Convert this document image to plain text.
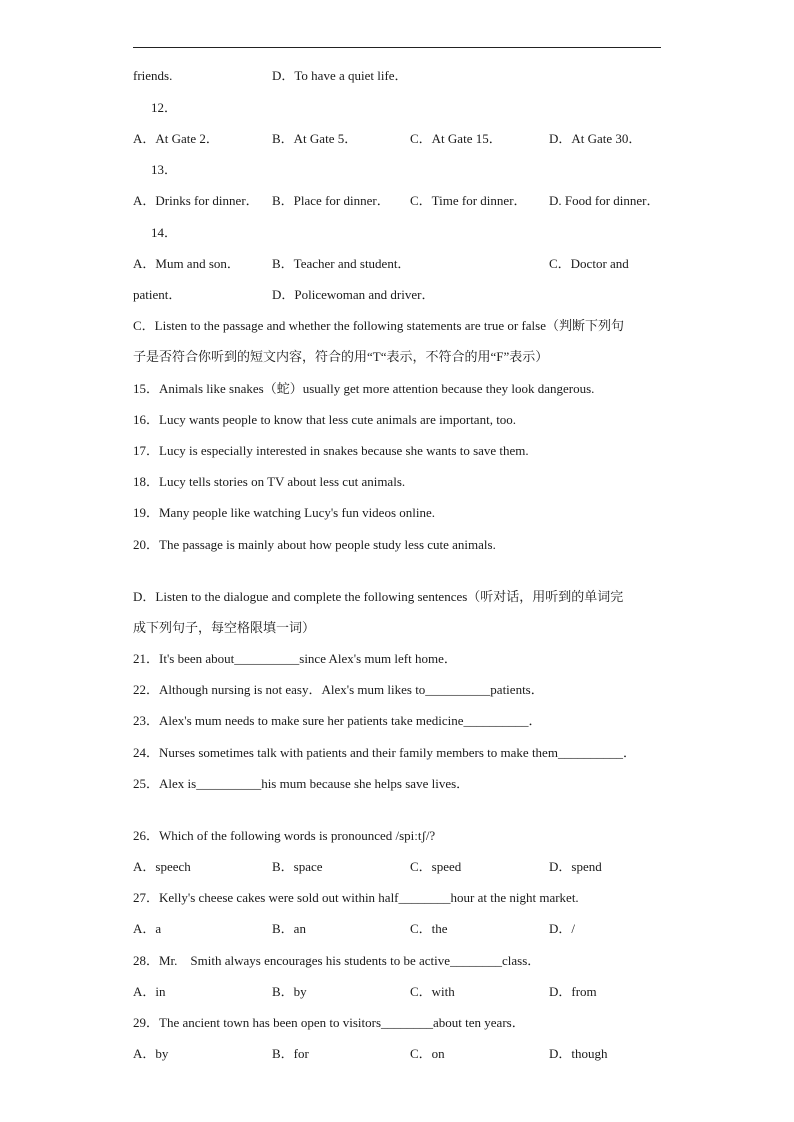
friends.	D．To have a quiet life．
12．
A．At Gate 2．	B．At Gate 5．	C．At Gate 15．	D．At Gate 30．
13．
A．Drinks for dinner． B．Place for dinner． C．Time for dinner． D. Food for dinner．
14．
A．Mum and son． B．Teacher and student．	C．Doctor and
patient．	D．Policewoman and driver．
C．Listen to the passage and whether the following statements are true or false（判断下列句
子是否符合你听到的短文内容，符合的用“T“表示，不符合的用“F”表示）
15．Animals like snakes（蛇）usually get more attention because they look dangerous.
16．Lucy wants people to know that less cute animals are important, too.
17．Lucy is especially interested in snakes because she wants to save them.
18．Lucy tells stories on TV about less cut animals.
19．Many people like watching Lucy's fun videos online.
20．The passage is mainly about how people study less cute animals.
D．Listen to the dialogue and complete the following sentences（听对话，用听到的单词完
成下列句子，每空格限填一词）
21．It's been about__________since Alex's mum left home．
22．Although nursing is not easy．Alex's mum likes to__________patients．
23．Alex's mum needs to make sure her patients take medicine__________．
24．Nurses sometimes talk with patients and their family members to make them__________．
25．Alex is__________his mum because she helps save lives．
26．Which of the following words is pronounced /spiːtʃ/?
A．speech	B．space	C．speed	D．spend
27．Kelly's cheese cakes were sold out within half________hour at the night market.
A．a	B．an	C．the	D．/
28．Mr.    Smith always encourages his students to be active________class．
A．in	B．by	C．with	D．from
29．The ancient town has been open to visitors________about ten years．
A．by	B．for	C．on	D．though
